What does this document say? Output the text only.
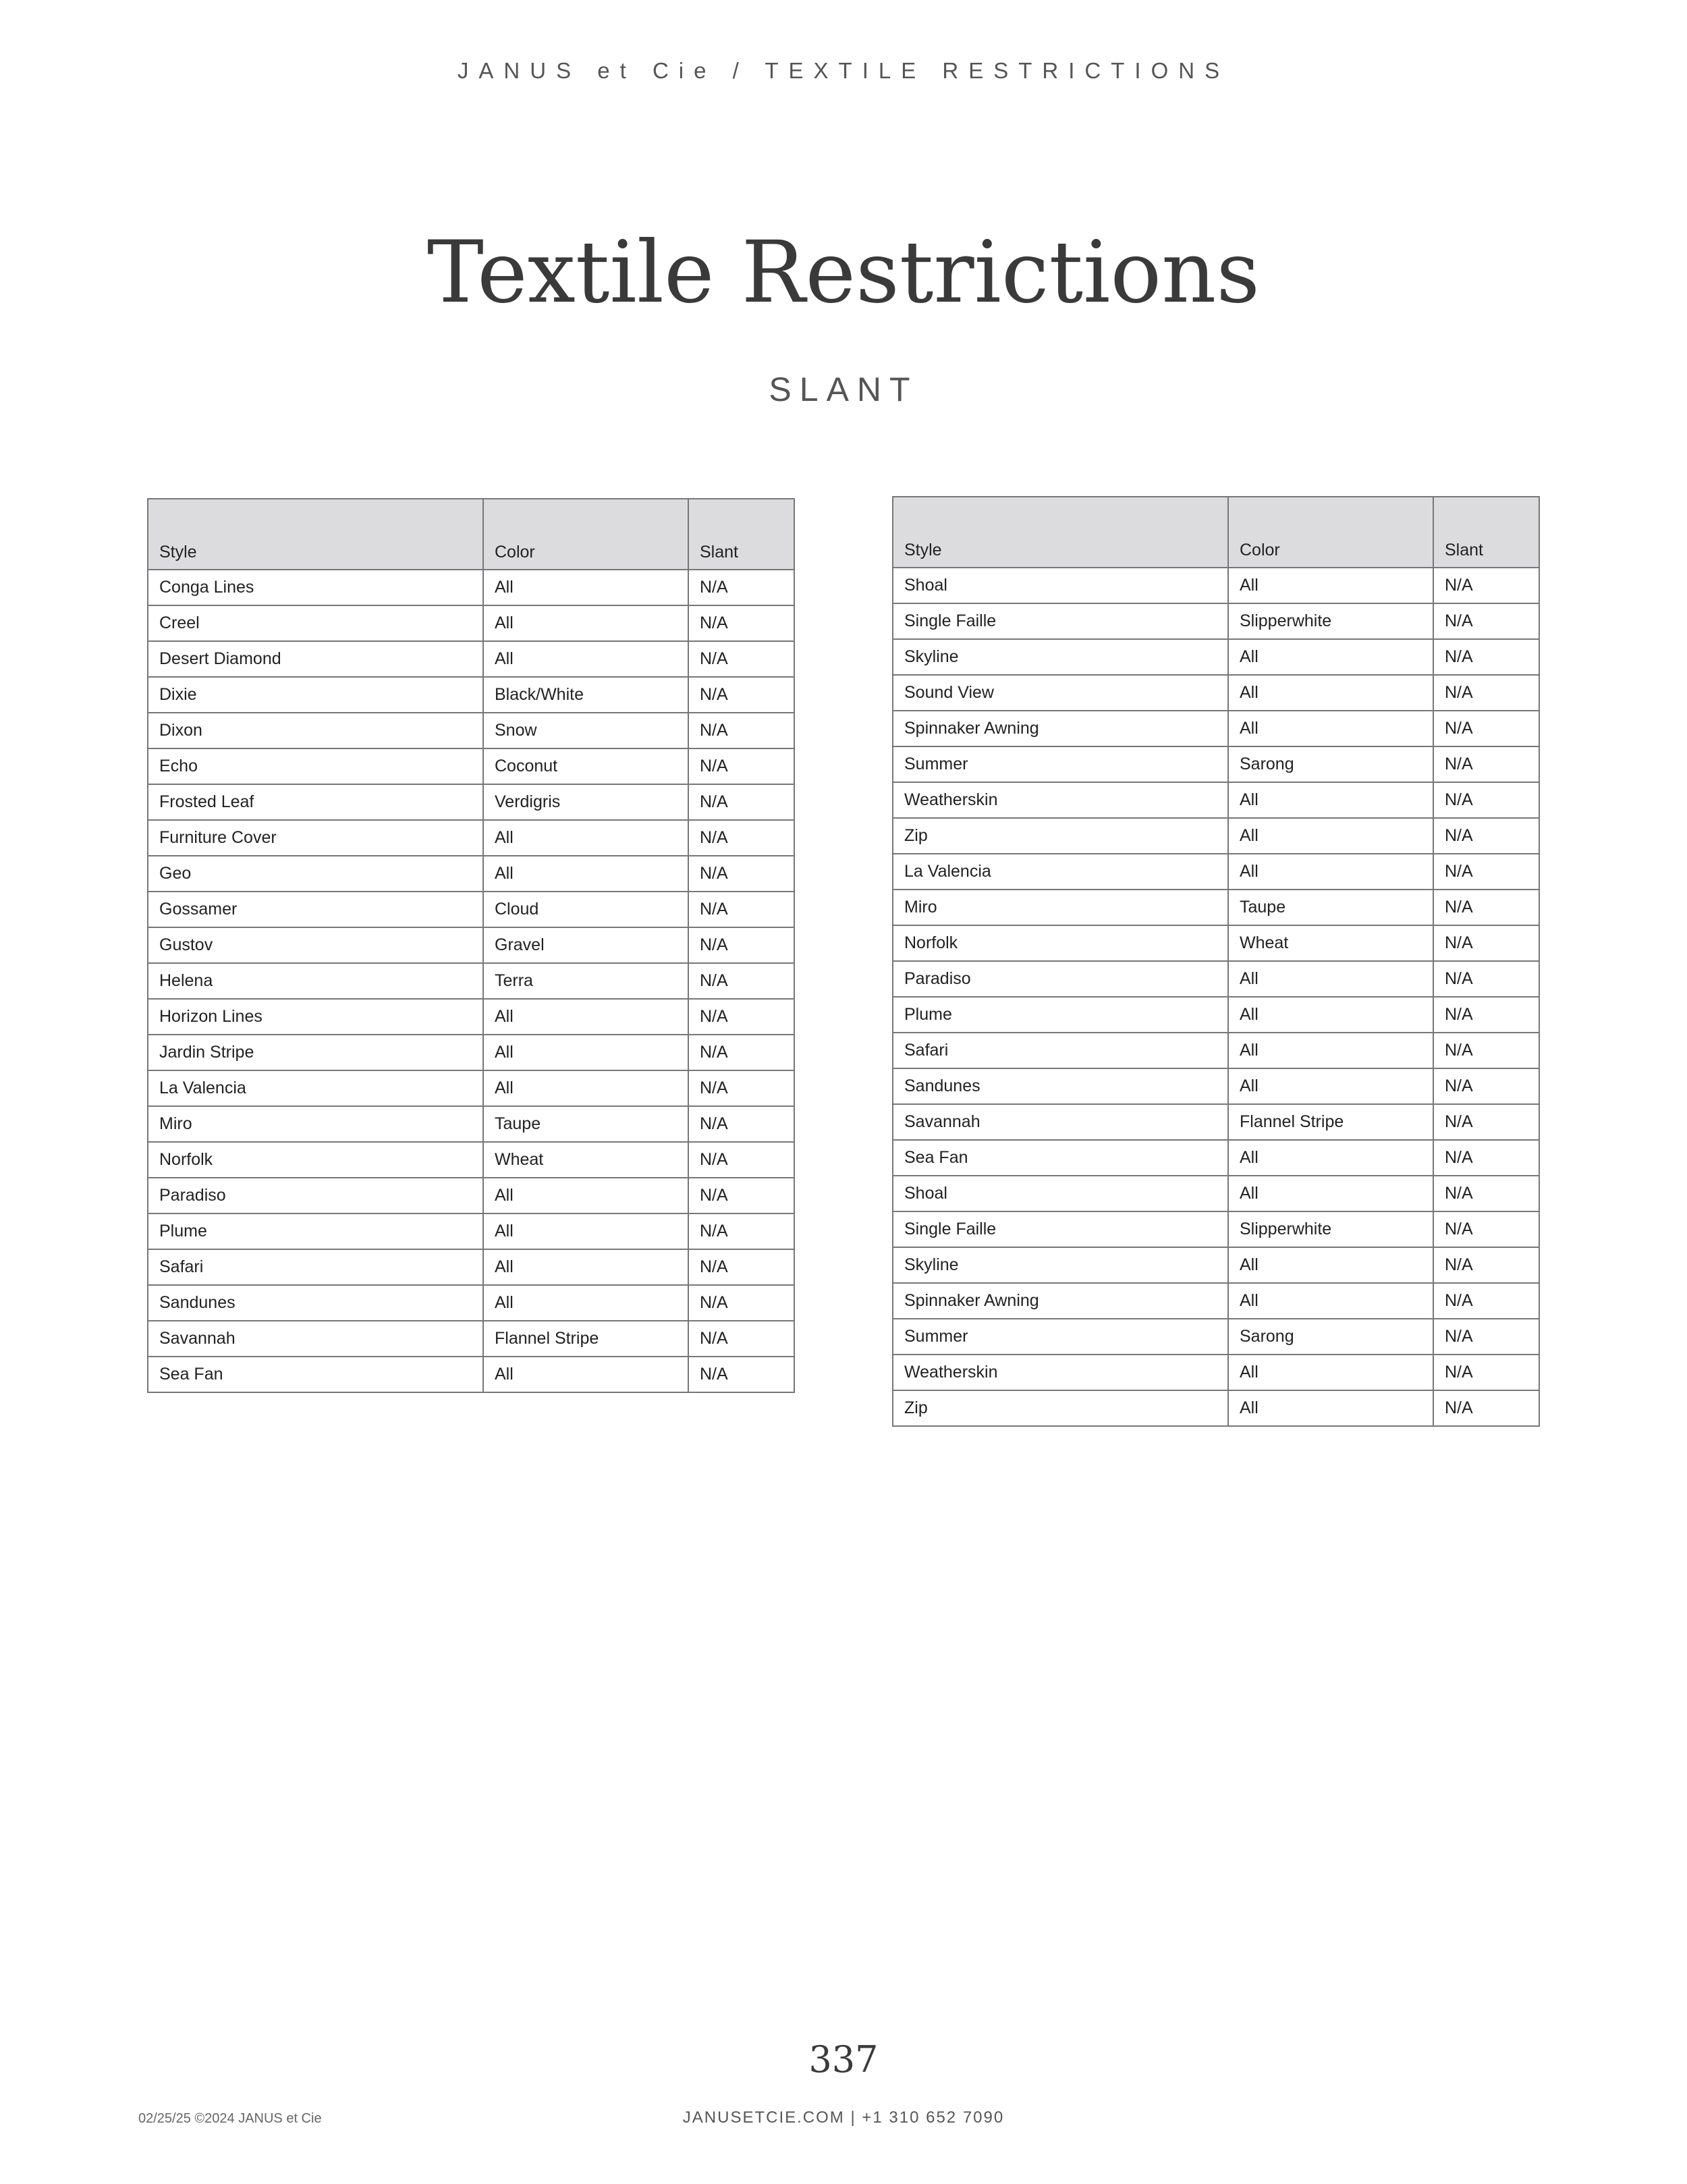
JANUS et Cie / TEXTILE RESTRICTIONS
Textile Restrictions
SLANT
Style	Color	Slant
Conga Lines	All	N/A
Creel	All	N/A
Desert Diamond	All	N/A
Dixie	Black/White	N/A
Dixon	Snow	N/A
Echo	Coconut	N/A
Frosted Leaf	Verdigris	N/A
Furniture Cover	All	N/A
Geo	All	N/A
Gossamer	Cloud	N/A
Gustov	Gravel	N/A
Helena	Terra	N/A
Horizon Lines	All	N/A
Jardin Stripe	All	N/A
La Valencia	All	N/A
Miro	Taupe	N/A
Norfolk	Wheat	N/A
Paradiso	All	N/A
Plume	All	N/A
Safari	All	N/A
Sandunes	All	N/A
Savannah	Flannel Stripe	N/A
Sea Fan	All	N/A
Style	Color	Slant
Shoal	All	N/A
Single Faille	Slipperwhite	N/A
Skyline	All	N/A
Sound View	All	N/A
Spinnaker Awning	All	N/A
Summer	Sarong	N/A
Weatherskin	All	N/A
Zip	All	N/A
La Valencia	All	N/A
Miro	Taupe	N/A
Norfolk	Wheat	N/A
Paradiso	All	N/A
Plume	All	N/A
Safari	All	N/A
Sandunes	All	N/A
Savannah	Flannel Stripe	N/A
Sea Fan	All	N/A
Shoal	All	N/A
Single Faille	Slipperwhite	N/A
Skyline	All	N/A
Spinnaker Awning	All	N/A
Summer	Sarong	N/A
Weatherskin	All	N/A
Zip	All	N/A
337
02/25/25 ©2024 JANUS et Cie	JANUSETCIE.COM | +1 310 652 7090
